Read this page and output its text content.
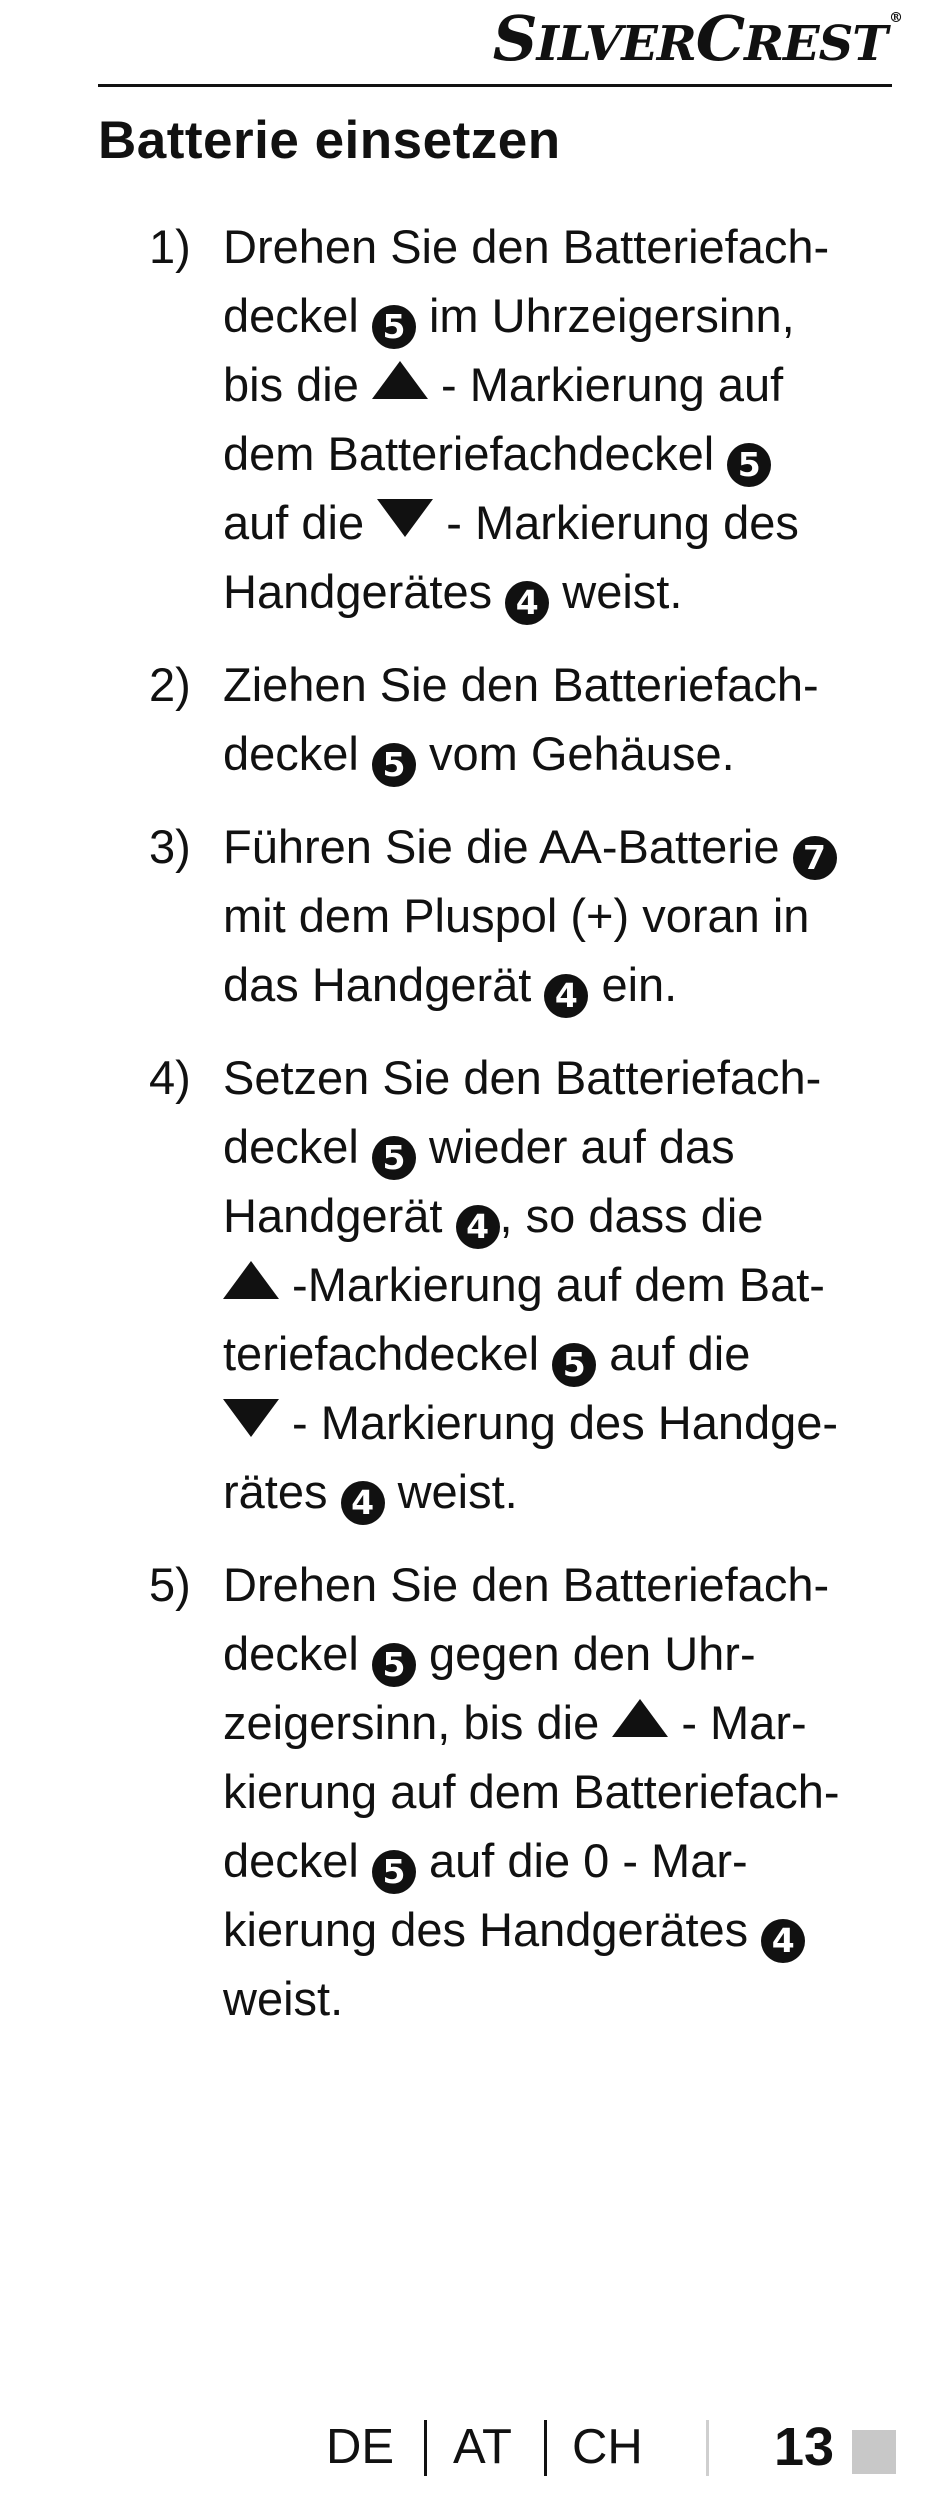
SILVERCREST ®
Batterie einsetzen
1) Drehen Sie den Batteriefach-
deckel 5 im Uhrzeigersinn,
bis die  - Markierung auf
dem Batteriefachdeckel 5
auf die  - Markierung des
Handgerätes 4 weist.
2) Ziehen Sie den Batteriefach-
deckel 5 vom Gehäuse.
3) Führen Sie die AA-Batterie 7
mit dem Pluspol (+) voran in
das Handgerät 4 ein.
4) Setzen Sie den Batteriefach-
deckel 5 wieder auf das
Handgerät 4 , so dass die
-Markierung auf dem Bat-
teriefachdeckel 5 auf die
- Markierung des Handge-
rätes 4 weist.
5) Drehen Sie den Batteriefach-
deckel 5 gegen den Uhr-
zeigersinn, bis die  - Mar-
kierung auf dem Batteriefach-
deckel 5 auf die 0 - Mar-
kierung des Handgerätes 4
weist.
DE AT CH 13
